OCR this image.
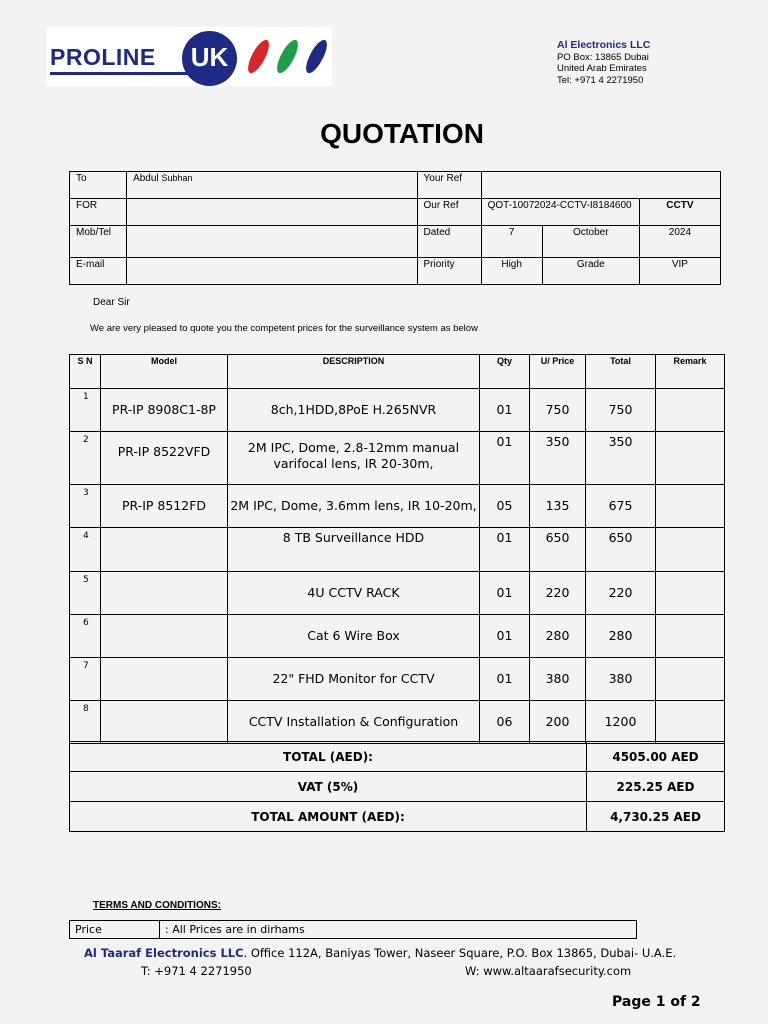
PROLINE	UK	Al Electronics LLC
PO Box: 13865 Dubai
United Arab Emirates
Tel: +971 4 2271950
QUOTATION
To	Abdul Subhan	Your Ref			
FOR		Our Ref	QOT-10072024-CCTV-I8184600		CCTV
Mob/Tel		Dated	7	October	2024
E-mail		Priority	High	Grade	VIP
Dear Sir
We are very pleased to quote you the competent prices for the surveillance system as below
S N	Model	DESCRIPTION	Qty	U/ Price	Total	Remark
1	PR-IP 8908C1-8P	8ch,1HDD,8PoE H.265NVR	01	750	750	
2	PR-IP 8522VFD	2M IPC, Dome, 2.8-12mm manual varifocal lens, IR 20-30m,	01	350	350	
3	PR-IP 8512FD	2M IPC, Dome, 3.6mm lens, IR 10-20m,	05	135	675	
4		8 TB Surveillance HDD	01	650	650	
5		4U CCTV RACK	01	220	220	
6		Cat 6 Wire Box	01	280	280	
7		22" FHD Monitor for CCTV	01	380	380	
8		CCTV Installation & Configuration	06	200	1200	
TOTAL (AED):	4505.00 AED
VAT (5%)	225.25 AED
TOTAL AMOUNT (AED):	4,730.25 AED
TERMS AND CONDITIONS:
Price	: All Prices are in dirhams
Al Taaraf Electronics LLC. Office 112A, Baniyas Tower, Naseer Square, P.O. Box 13865, Dubai- U.A.E.
T: +971 4 2271950	W: www.altaarafsecurity.com
Page 1 of 2
